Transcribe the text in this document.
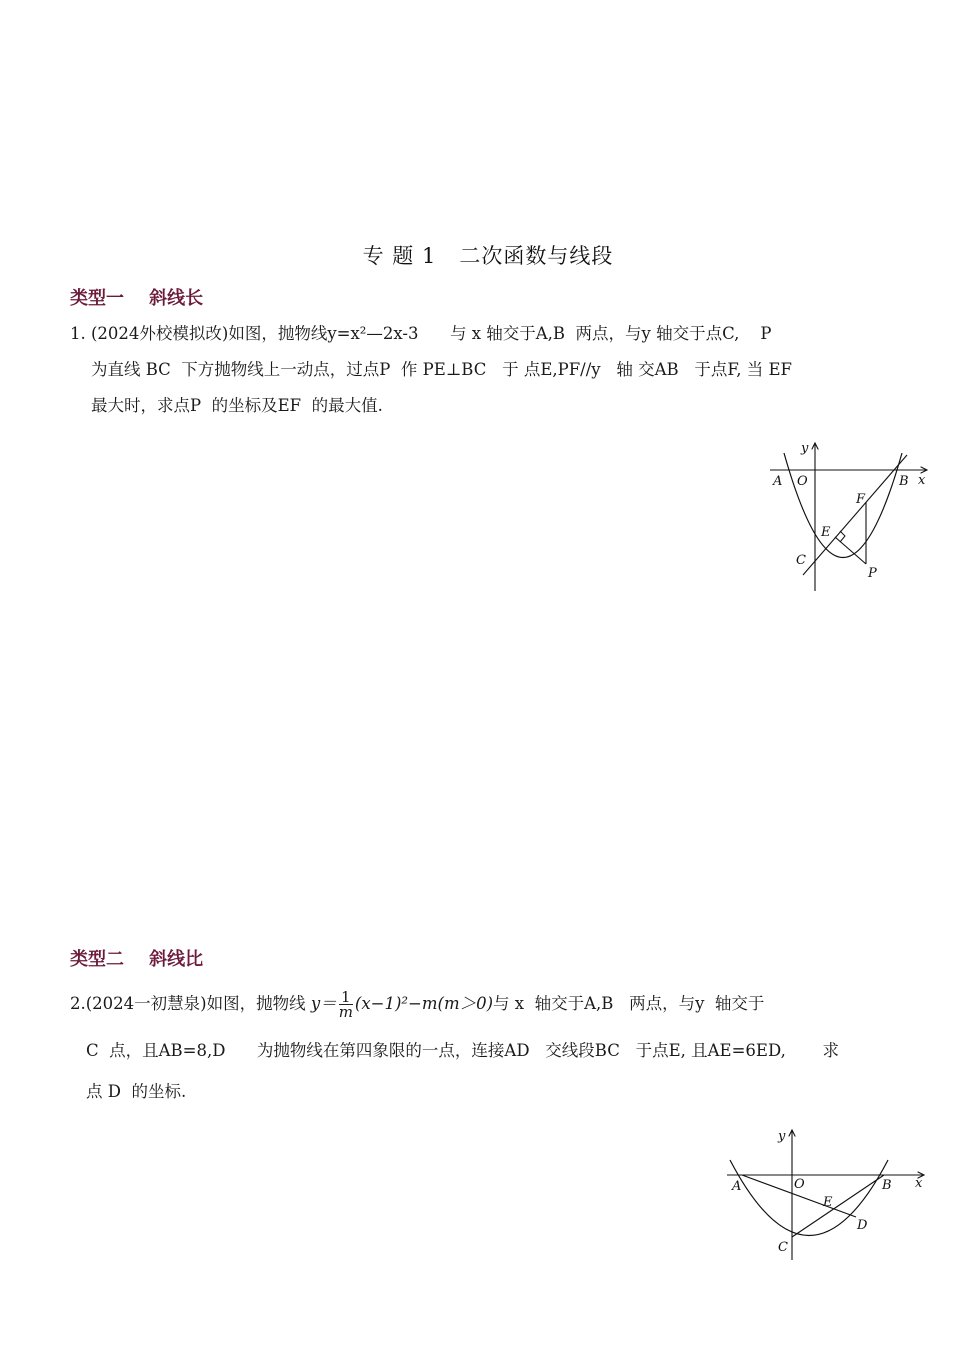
专 题 1   二次函数与线段
类型一    斜线长
1. (2024外校模拟改)如图，抛物线y=x²—2x-3      与 x 轴交于A,B  两点，与y 轴交于点C,    P
为直线 BC  下方抛物线上一动点，过点P  作 PE⊥BC   于 点E,PF//y   轴 交AB   于点F, 当 EF
最大时，求点P  的坐标及EF  的最大值.
y
x
A O	B
F
E
C
P
类型二    斜线比
2.(2024一初慧泉)如图，抛物线 $y= \frac{1}{m} (x-1)^2-m(m>0)$与 x  轴交于A,B   两点，与y  轴交于
C  点，且AB=8,D      为抛物线在第四象限的一点，连接AD   交线段BC   于点E, 且AE=6ED,       求
点 D  的坐标.
y
x
A	O	B
E
D
C
